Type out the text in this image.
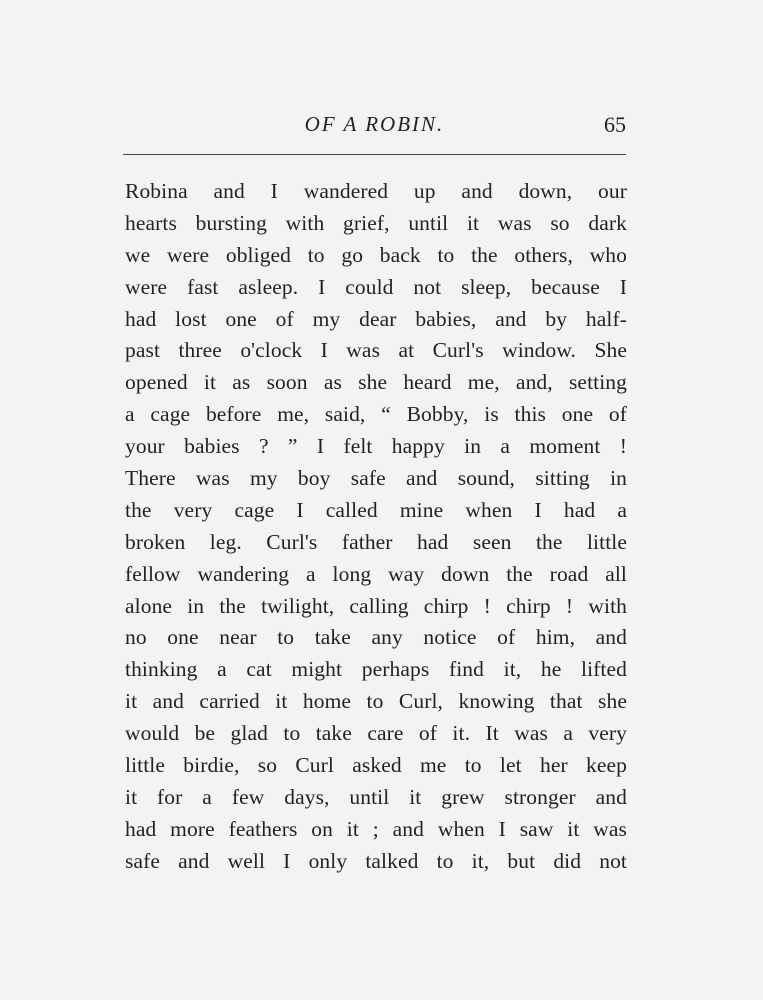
OF A ROBIN.	65
Robina and I wandered up and down, our
hearts bursting with grief, until it was so dark
we were obliged to go back to the others, who
were fast asleep. I could not sleep, because I
had lost one of my dear babies, and by half-
past three o'clock I was at Curl's window. She
opened it as soon as she heard me, and, setting
a cage before me, said, “ Bobby, is this one of
your babies ? ” I felt happy in a moment !
There was my boy safe and sound, sitting in
the very cage I called mine when I had a
broken leg. Curl's father had seen the little
fellow wandering a long way down the road all
alone in the twilight, calling chirp ! chirp ! with
no one near to take any notice of him, and
thinking a cat might perhaps find it, he lifted
it and carried it home to Curl, knowing that she
would be glad to take care of it. It was a very
little birdie, so Curl asked me to let her keep
it for a few days, until it grew stronger and
had more feathers on it ; and when I saw it was
safe and well I only talked to it, but did not
